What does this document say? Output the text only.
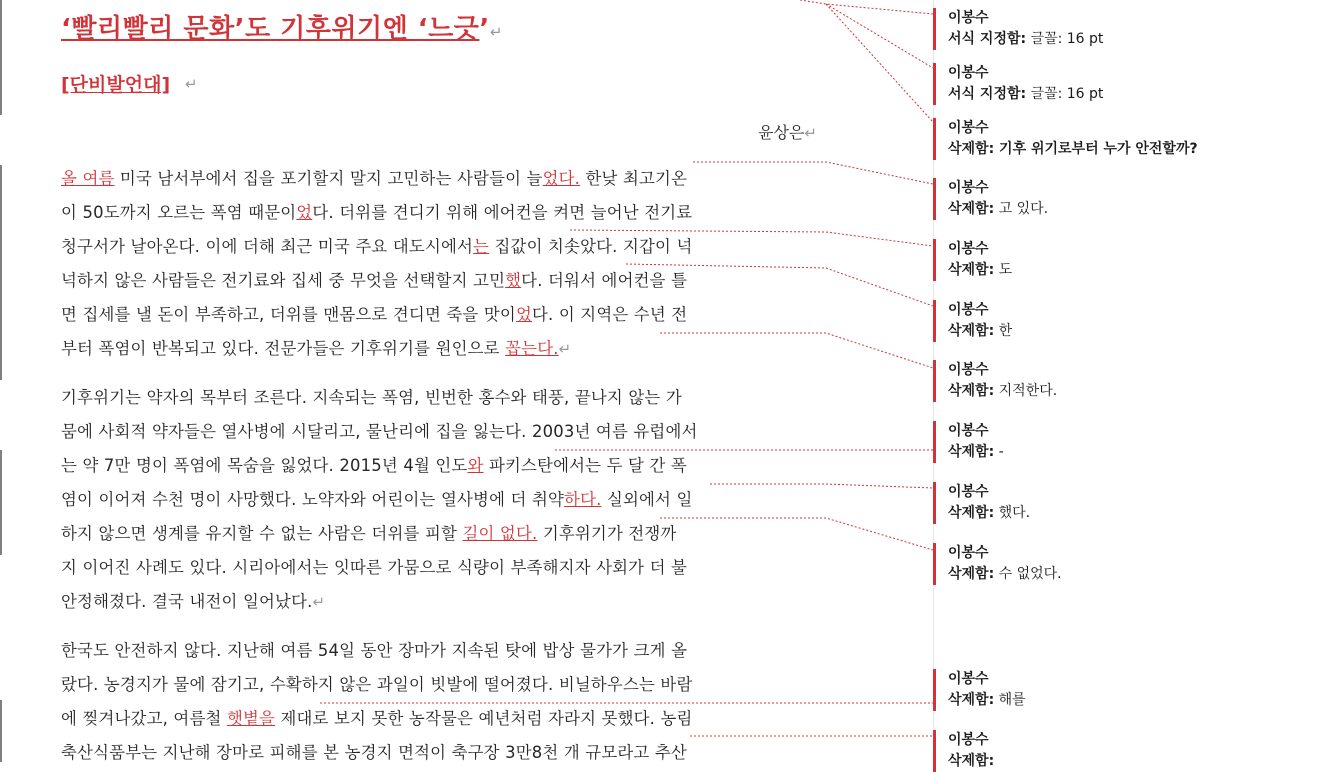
‘빨리빨리 문화’도 기후위기엔 ‘느긋’↵
[단비발언대] ↵
윤상은↵
올 여름 미국 남서부에서 집을 포기할지 말지 고민하는 사람들이 늘었다. 한낮 최고기온
이 50도까지 오르는 폭염 때문이었다. 더위를 견디기 위해 에어컨을 켜면 늘어난 전기료
청구서가 날아온다. 이에 더해 최근 미국 주요 대도시에서는 집값이 치솟았다. 지갑이 넉
넉하지 않은 사람들은 전기료와 집세 중 무엇을 선택할지 고민했다. 더워서 에어컨을 틀
면 집세를 낼 돈이 부족하고, 더위를 맨몸으로 견디면 죽을 맛이었다. 이 지역은 수년 전
부터 폭염이 반복되고 있다. 전문가들은 기후위기를 원인으로 꼽는다.↵
기후위기는 약자의 목부터 조른다. 지속되는 폭염, 빈번한 홍수와 태풍, 끝나지 않는 가
뭄에 사회적 약자들은 열사병에 시달리고, 물난리에 집을 잃는다. 2003년 여름 유럽에서
는 약 7만 명이 폭염에 목숨을 잃었다. 2015년 4월 인도와 파키스탄에서는 두 달 간 폭
염이 이어져 수천 명이 사망했다. 노약자와 어린이는 열사병에 더 취약하다. 실외에서 일
하지 않으면 생계를 유지할 수 없는 사람은 더위를 피할 길이 없다. 기후위기가 전쟁까
지 이어진 사례도 있다. 시리아에서는 잇따른 가뭄으로 식량이 부족해지자 사회가 더 불
안정해졌다. 결국 내전이 일어났다.↵
한국도 안전하지 않다. 지난해 여름 54일 동안 장마가 지속된 탓에 밥상 물가가 크게 올
랐다. 농경지가 물에 잠기고, 수확하지 않은 과일이 빗발에 떨어졌다. 비닐하우스는 바람
에 찢겨나갔고, 여름철 햇볕을 제대로 보지 못한 농작물은 예년처럼 자라지 못했다. 농림
축산식품부는 지난해 장마로 피해를 본 농경지 면적이 축구장 3만8천 개 규모라고 추산
이봉수
서식 지정함: 글꼴: 16 pt
이봉수
서식 지정함: 글꼴: 16 pt
이봉수
삭제함: 기후 위기로부터 누가 안전할까?
이봉수
삭제함: 고 있다.
이봉수
삭제함: 도
이봉수
삭제함: 한
이봉수
삭제함: 지적한다.
이봉수
삭제함: -
이봉수
삭제함: 했다.
이봉수
삭제함: 수 없었다.
이봉수
삭제함: 해를
이봉수
삭제함:
